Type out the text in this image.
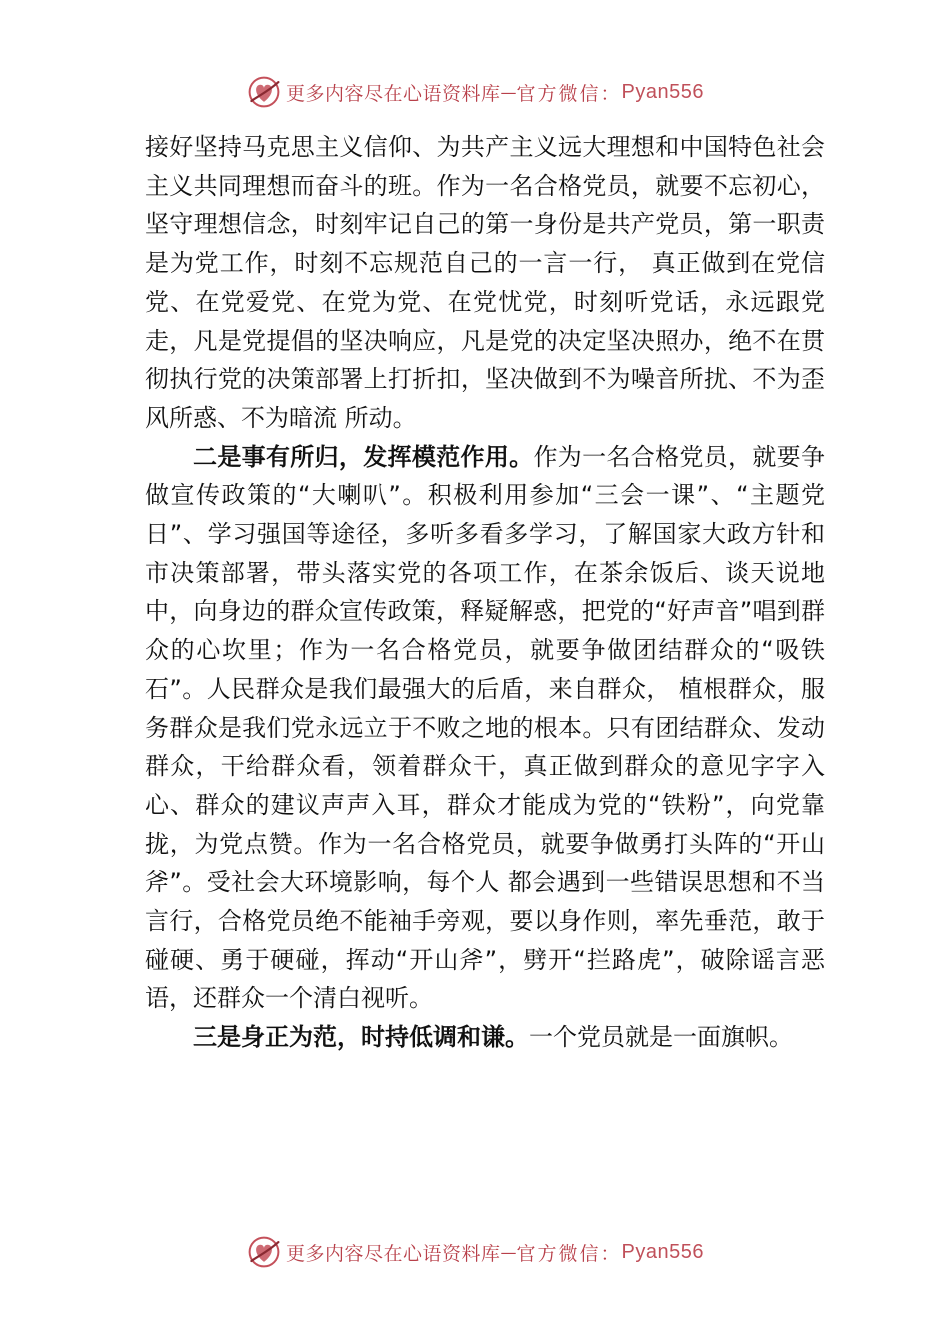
更多内容尽在心语资料库 — 官方微信： Pyan556

接好坚持马克思主义信仰、为共产主义远大理想和中国特色社会主义共同理想而奋斗的班。作为一名合格党员，就要不忘初心，坚守理想信念，时刻牢记自己的第一身份是共产党员，第一职责是为党工作，时刻不忘规范自己的一言一行， 真正做到在党信党、在党爱党、在党为党、在党忧党，时刻听党话，永远跟党走，凡是党提倡的坚决响应，凡是党的决定坚决照办，绝不在贯彻执行党的决策部署上打折扣，坚决做到不为噪音所扰、不为歪风所惑、不为暗流 所动。

二是事有所归，发挥模范作用。作为一名合格党员，就要争做宣传政策的“大喇叭”。积极利用参加“三会一课”、“主题党日”、学习强国等途径，多听多看多学习，了解国家大政方针和市决策部署，带头落实党的各项工作，在茶余饭后、谈天说地中，向身边的群众宣传政策，释疑解惑，把党的“好声音”唱到群众的心坎里；作为一名合格党员，就要争做团结群众的“吸铁石”。人民群众是我们最强大的后盾，来自群众， 植根群众，服务群众是我们党永远立于不败之地的根本。只有团结群众、发动群众，干给群众看，领着群众干，真正做到群众的意见字字入心、群众的建议声声入耳，群众才能成为党的“铁粉”，向党靠拢，为党点赞。作为一名合格党员，就要争做勇打头阵的“开山斧”。受社会大环境影响，每个人 都会遇到一些错误思想和不当言行，合格党员绝不能袖手旁观，要以身作则，率先垂范，敢于碰硬、勇于硬碰，挥动“开山斧”，劈开“拦路虎”，破除谣言恶语，还群众一个清白视听。

三是身正为范，时持低调和谦。一个党员就是一面旗帜。

更多内容尽在心语资料库 — 官方微信： Pyan556
